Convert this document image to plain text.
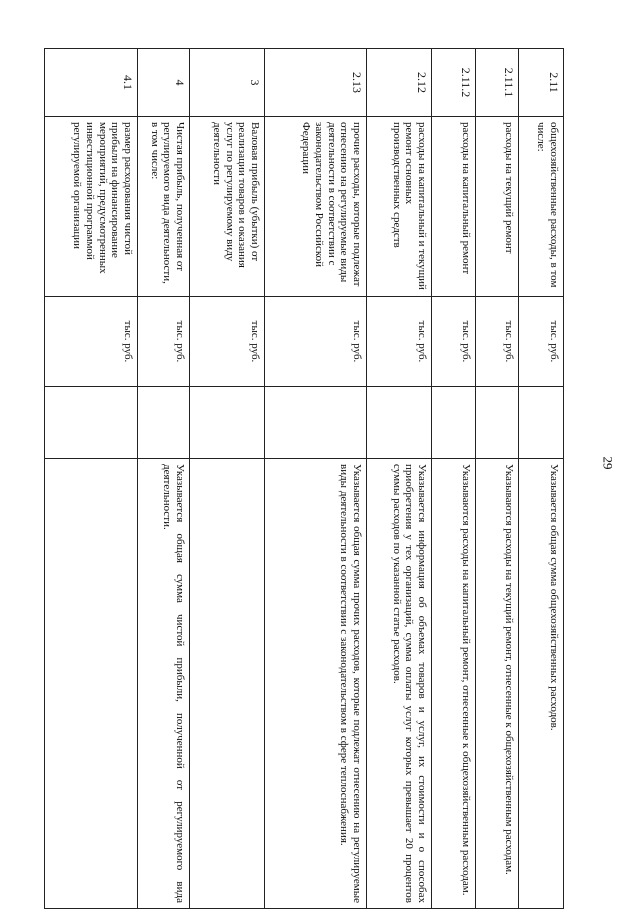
29
2.11	общехозяйственные расходы, в том числе:	тыс. руб.		Указывается общая сумма общехозяйственных расходов.
2.11.1	расходы на текущий ремонт	тыс. руб.		Указываются расходы на текущий ремонт, отнесенные к общехозяйственным расходам.
2.11.2	расходы на капитальный ремонт	тыс. руб.		Указываются расходы на капитальный ремонт, отнесенные к общехозяйственным расходам.
2.12	расходы на капитальный и текущий ремонт основных производственных средств	тыс. руб.		Указывается информация об объемах товаров и услуг, их стоимости и о способах приобретения у тех организаций, сумма оплаты услуг которых превышает 20 процентов суммы расходов по указанной статье расходов.
2.13	прочие расходы, которые подлежат отнесению на регулируемые виды деятельности в соответствии с законодательством Российской Федерации	тыс. руб.		Указывается общая сумма прочих расходов, которые подлежат отнесению на регулируемые виды деятельности в соответствии с законодательством в сфере теплоснабжения.
3	Валовая прибыль (убытки) от реализации товаров и оказания услуг по регулируемому виду деятельности	тыс. руб.		
4	Чистая прибыль, полученная от регулируемого вида деятельности, в том числе:	тыс. руб.		Указывается общая сумма чистой прибыли, полученной от регулируемого вида деятельности.
4.1	размер расходования чистой прибыли на финансирование мероприятий, предусмотренных инвестиционной программой регулируемой организации	тыс. руб.		
